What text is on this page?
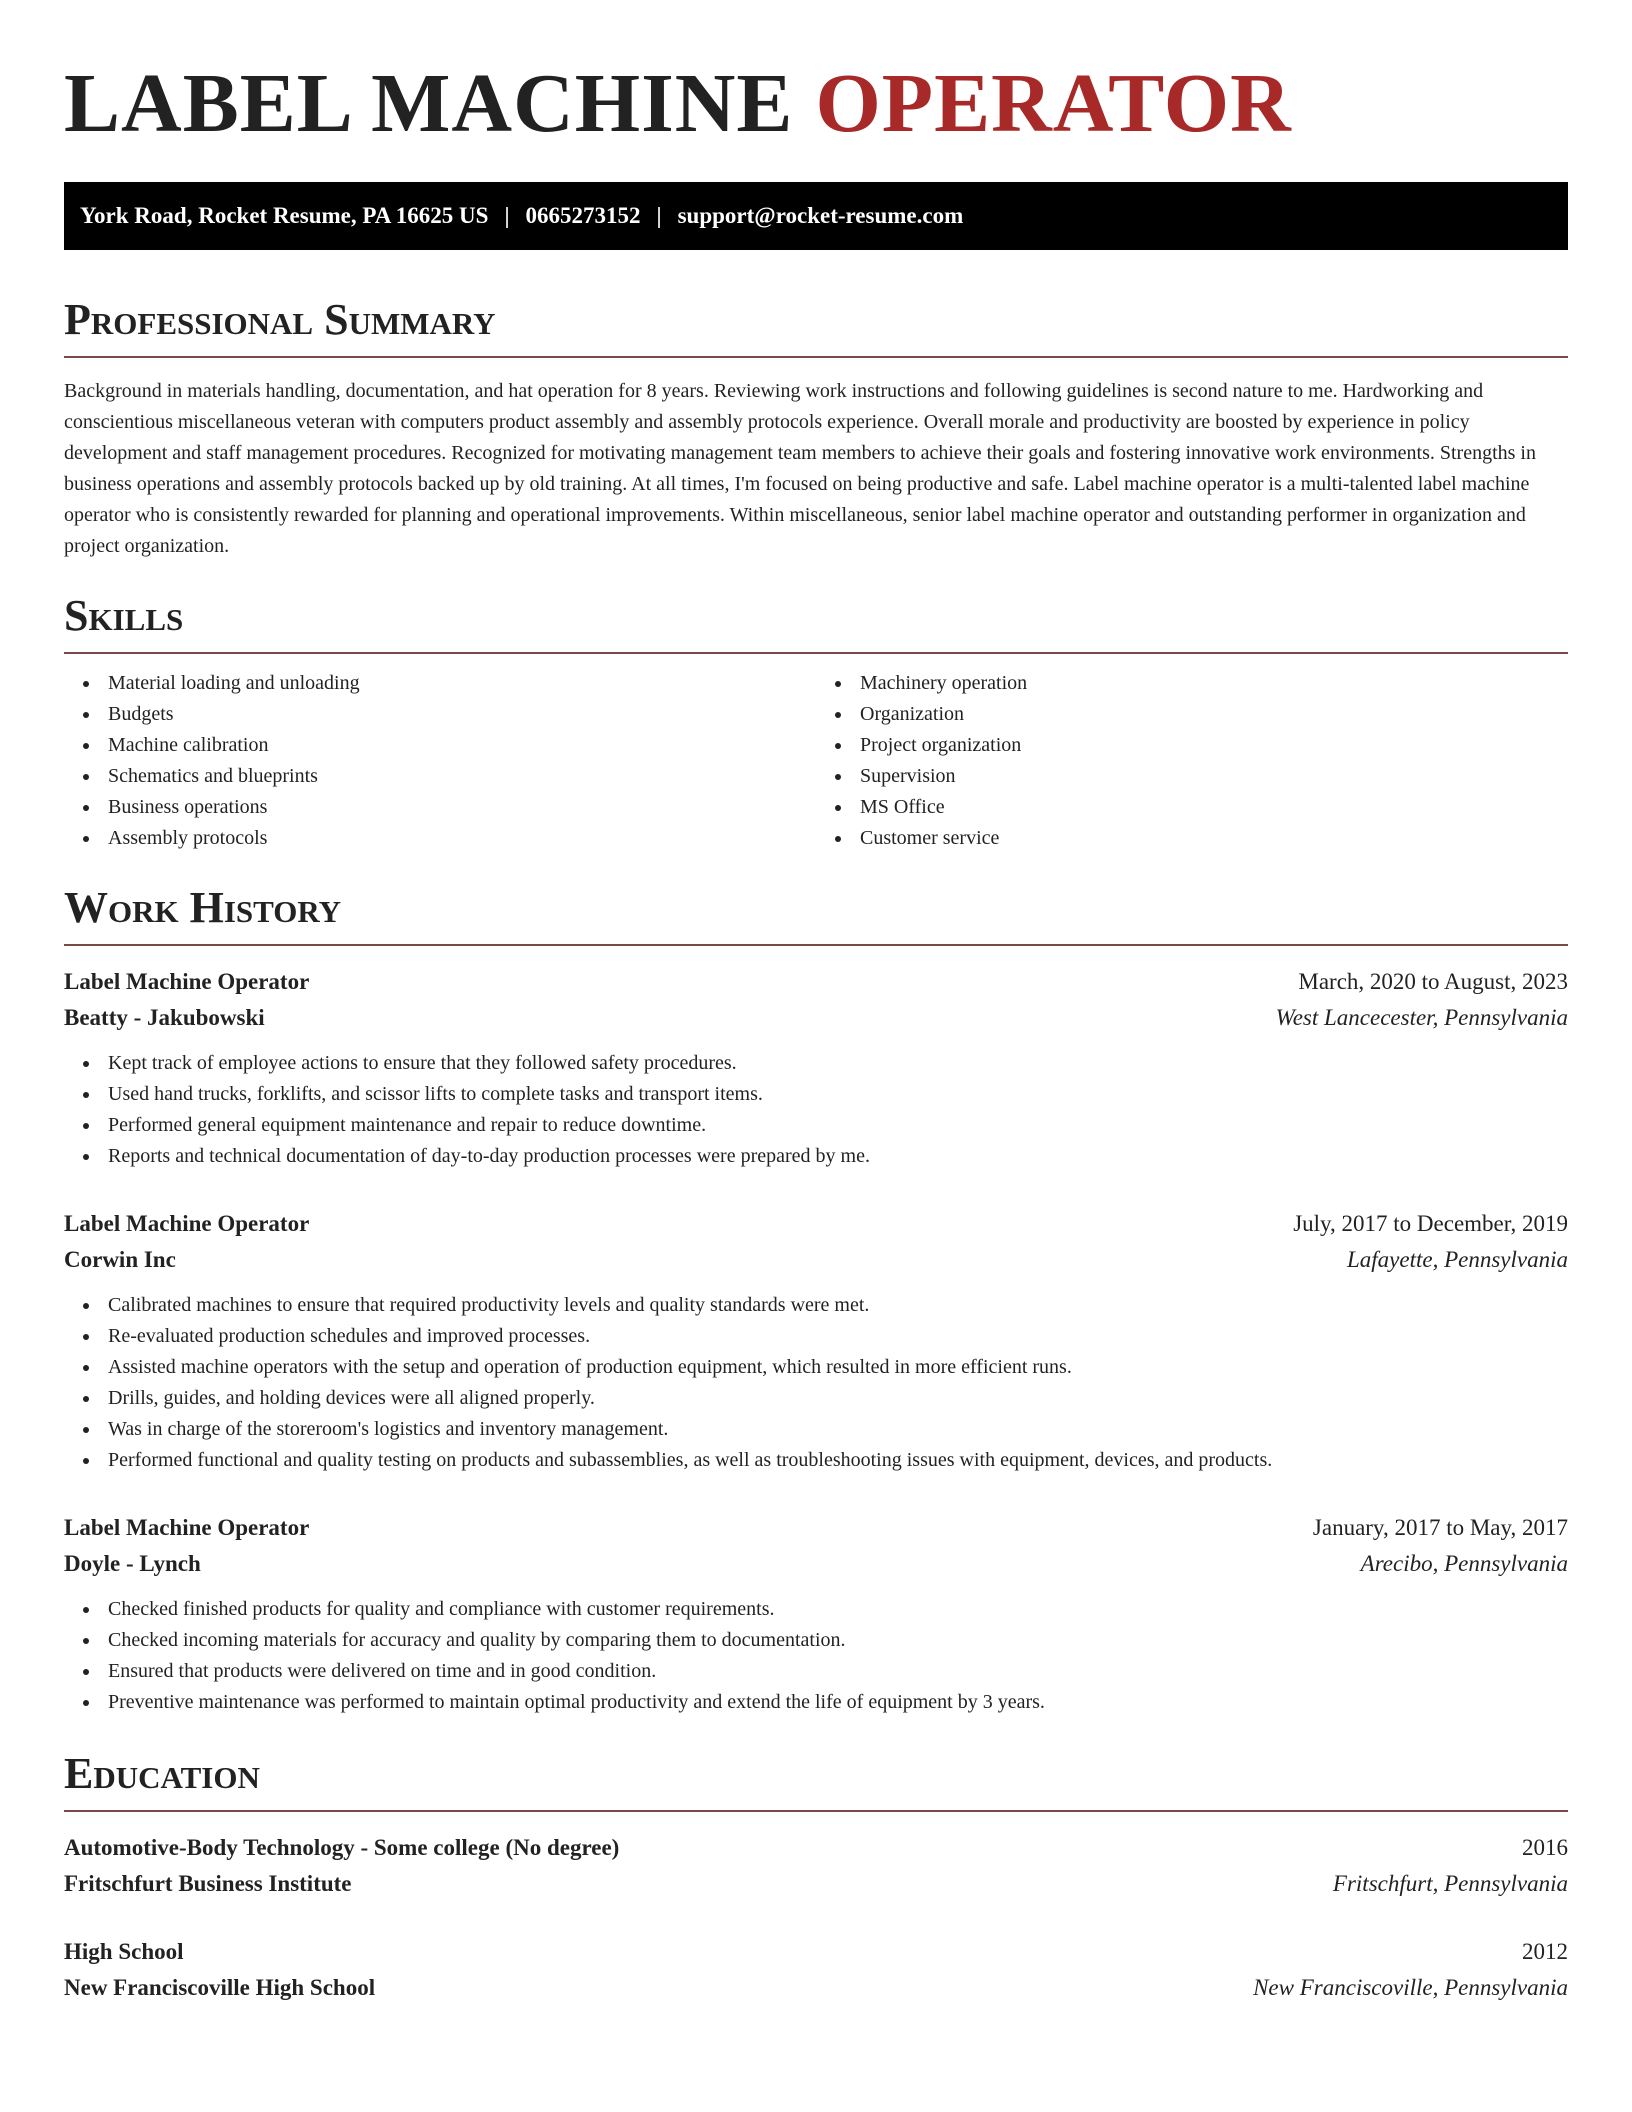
LABEL MACHINE OPERATOR
York Road, Rocket Resume, PA 16625 US | 0665273152 | support@rocket-resume.com
Professional Summary

Background in materials handling, documentation, and hat operation for 8 years. Reviewing work instructions and following guidelines is second nature to me. Hardworking and conscientious miscellaneous veteran with computers product assembly and assembly protocols experience. Overall morale and productivity are boosted by experience in policy development and staff management procedures. Recognized for motivating management team members to achieve their goals and fostering innovative work environments. Strengths in business operations and assembly protocols backed up by old training. At all times, I'm focused on being productive and safe. Label machine operator is a multi-talented label machine operator who is consistently rewarded for planning and operational improvements. Within miscellaneous, senior label machine operator and outstanding performer in organization and project organization.

Skills
Material loading and unloading
Budgets
Machine calibration
Schematics and blueprints
Business operations
Assembly protocols
Machinery operation
Organization
Project organization
Supervision
MS Office
Customer service
Work History
Label Machine Operator	March, 2020 to August, 2023
Beatty - Jakubowski	West Lancecester, Pennsylvania
Kept track of employee actions to ensure that they followed safety procedures.
Used hand trucks, forklifts, and scissor lifts to complete tasks and transport items.
Performed general equipment maintenance and repair to reduce downtime.
Reports and technical documentation of day-to-day production processes were prepared by me.
Label Machine Operator	July, 2017 to December, 2019
Corwin Inc	Lafayette, Pennsylvania
Calibrated machines to ensure that required productivity levels and quality standards were met.
Re-evaluated production schedules and improved processes.
Assisted machine operators with the setup and operation of production equipment, which resulted in more efficient runs.
Drills, guides, and holding devices were all aligned properly.
Was in charge of the storeroom's logistics and inventory management.
Performed functional and quality testing on products and subassemblies, as well as troubleshooting issues with equipment, devices, and products.
Label Machine Operator	January, 2017 to May, 2017
Doyle - Lynch	Arecibo, Pennsylvania
Checked finished products for quality and compliance with customer requirements.
Checked incoming materials for accuracy and quality by comparing them to documentation.
Ensured that products were delivered on time and in good condition.
Preventive maintenance was performed to maintain optimal productivity and extend the life of equipment by 3 years.
Education
Automotive-Body Technology - Some college (No degree)	2016
Fritschfurt Business Institute	Fritschfurt, Pennsylvania
High School	2012
New Franciscoville High School	New Franciscoville, Pennsylvania
